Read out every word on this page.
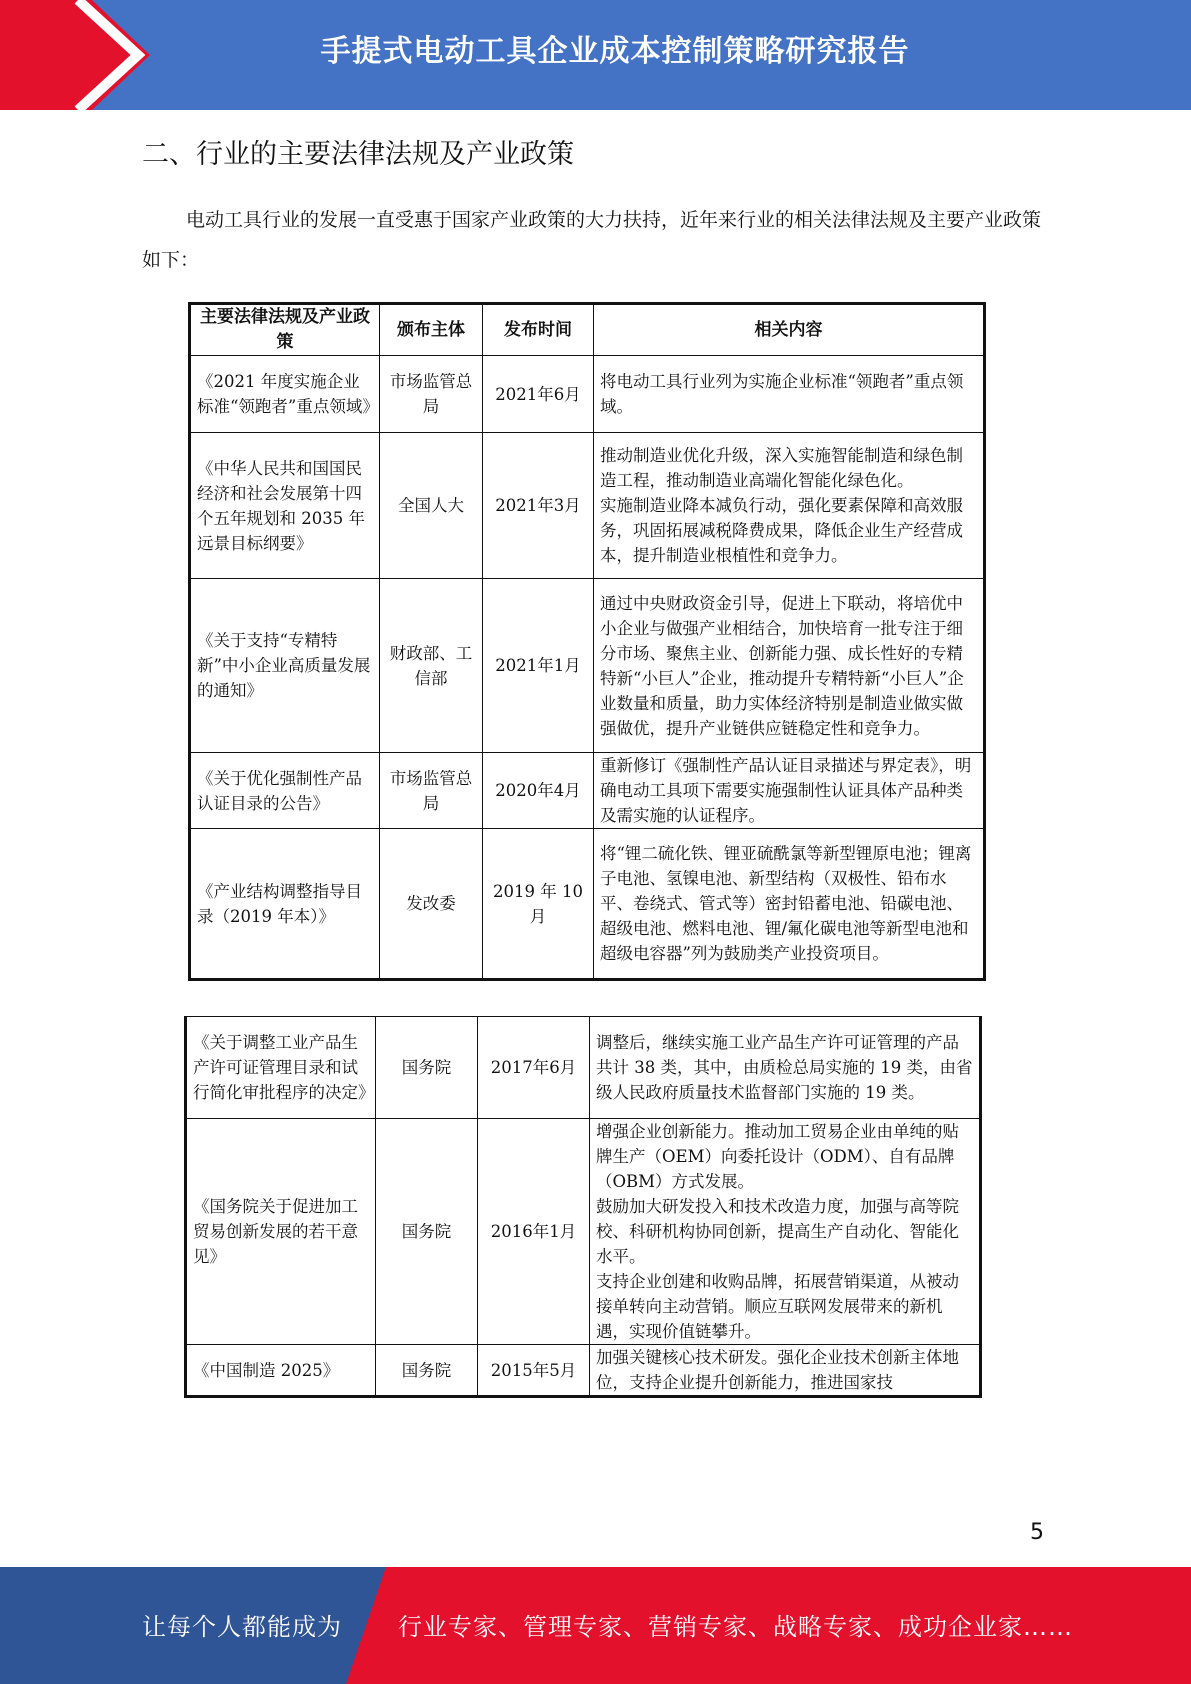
手提式电动工具企业成本控制策略研究报告
二、行业的主要法律法规及产业政策
电动工具行业的发展一直受惠于国家产业政策的大力扶持，近年来行业的相关法律法规及主要产业政策如下：
主要法律法规及产业政策	颁布主体	发布时间	相关内容
《2021 年度实施企业标准“领跑者”重点领域》	市场监管总局	2021年6月	将电动工具行业列为实施企业标准“领跑者”重点领域。

《中华人民共和国国民经济和社会发展第十四个五年规划和 2035 年远景目标纲要》	全国人大	2021年3月	推动制造业优化升级，深入实施智能制造和绿色制造工程，推动制造业高端化智能化绿色化。
实施制造业降本减负行动，强化要素保障和高效服务，巩固拓展减税降费成果，降低企业生产经营成本，提升制造业根植性和竞争力。

《关于支持“专精特新”中小企业高质量发展的通知》	财政部、工信部	2021年1月	通过中央财政资金引导，促进上下联动，将培优中小企业与做强产业相结合，加快培育一批专注于细分市场、聚焦主业、创新能力强、成长性好的专精特新“小巨人”企业，推动提升专精特新“小巨人”企业数量和质量，助力实体经济特别是制造业做实做强做优，提升产业链供应链稳定性和竞争力。

《关于优化强制性产品认证目录的公告》	市场监管总局	2020年4月	重新修订《强制性产品认证目录描述与界定表》，明确电动工具项下需要实施强制性认证具体产品种类及需实施的认证程序。

《产业结构调整指导目录（2019 年本）》	发改委	2019 年 10 月	将“锂二硫化铁、锂亚硫酰氯等新型锂原电池；锂离子电池、氢镍电池、新型结构（双极性、铅布水平、卷绕式、管式等）密封铅蓄电池、铅碳电池、超级电池、燃料电池、锂/氟化碳电池等新型电池和超级电容器”列为鼓励类产业投资项目。
《关于调整工业产品生产许可证管理目录和试行简化审批程序的决定》	国务院	2017年6月	调整后，继续实施工业产品生产许可证管理的产品共计 38 类，其中，由质检总局实施的 19 类，由省级人民政府质量技术监督部门实施的 19 类。

《国务院关于促进加工贸易创新发展的若干意见》	国务院	2016年1月	增强企业创新能力。推动加工贸易企业由单纯的贴牌生产（OEM）向委托设计（ODM）、自有品牌（OBM）方式发展。
鼓励加大研发投入和技术改造力度，加强与高等院校、科研机构协同创新，提高生产自动化、智能化水平。
支持企业创建和收购品牌，拓展营销渠道，从被动接单转向主动营销。顺应互联网发展带来的新机遇，实现价值链攀升。

《中国制造 2025》	国务院	2015年5月	加强关键核心技术研发。强化企业技术创新主体地位，支持企业提升创新能力，推进国家技
5
让每个人都能成为 行业专家、管理专家、营销专家、战略专家、成功企业家……
